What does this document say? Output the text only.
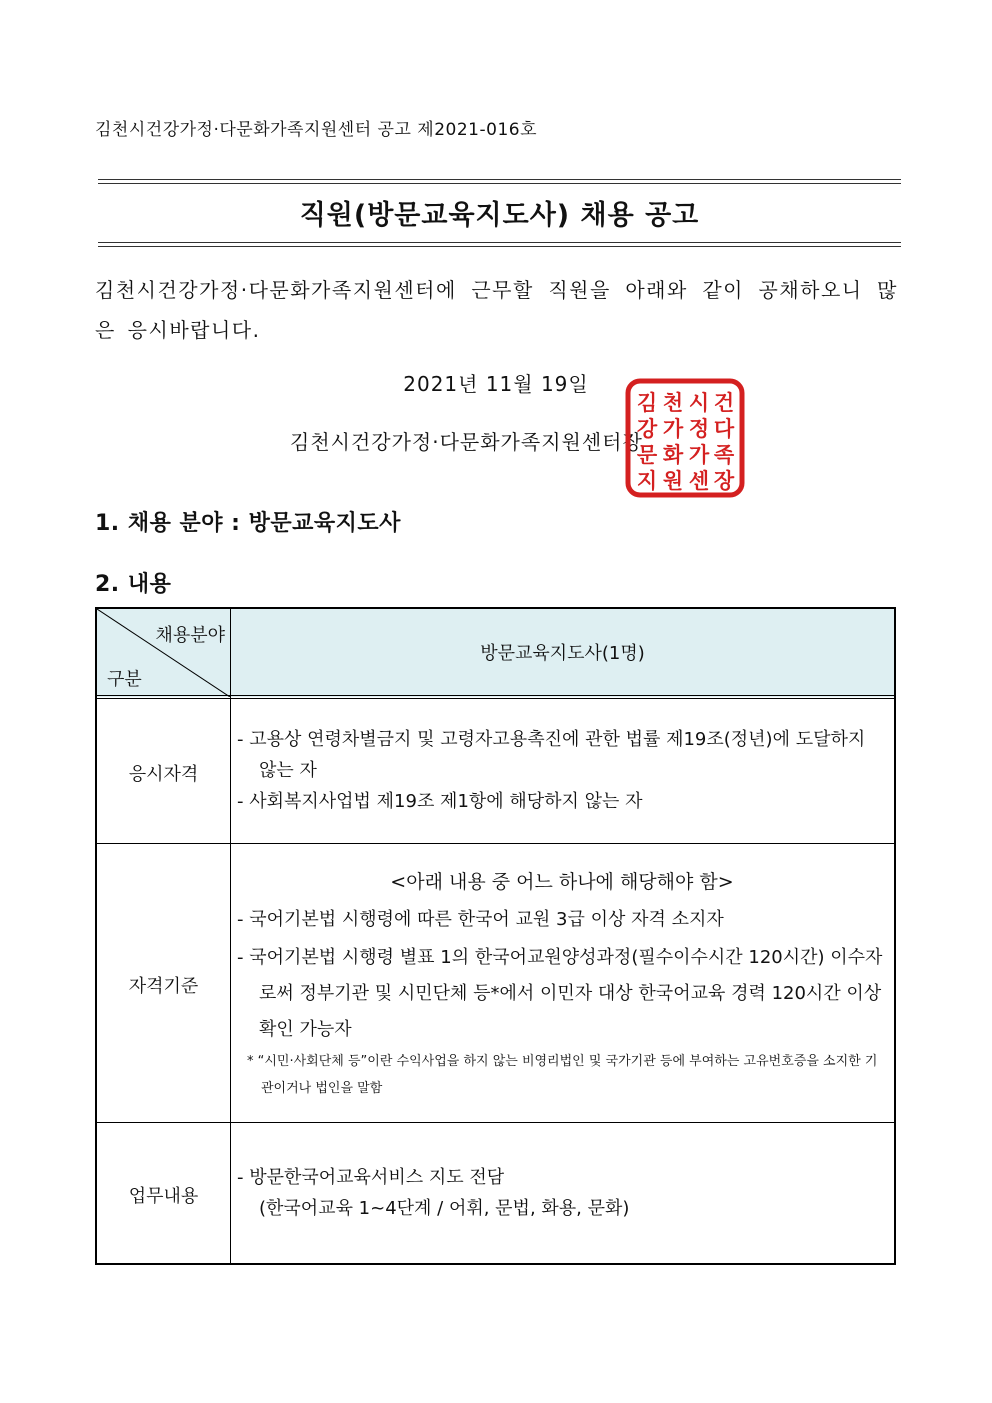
김천시건강가정·다문화가족지원센터 공고 제2021-016호
직원(방문교육지도사) 채용 공고
김천시건강가정·다문화가족지원센터에 근무할 직원을 아래와 같이 공채하오니 많은 응시바랍니다.
2021년 11월 19일
김천시건강가정·다문화가족지원센터장
김 천 시 건
강 가 정 다
문 화 가 족
지 원 센 장
1. 채용 분야 : 방문교육지도사
2. 내용
채용분야
구분
방문교육지도사(1명)
응시자격
- 고용상 연령차별금지 및 고령자고용촉진에 관한 법률 제19조(정년)에 도달하지 않는 자
- 사회복지사업법 제19조 제1항에 해당하지 않는 자
자격기준
<아래 내용 중 어느 하나에 해당해야 함>
- 국어기본법 시행령에 따른 한국어 교원 3급 이상 자격 소지자
- 국어기본법 시행령 별표 1의 한국어교원양성과정(필수이수시간 120시간) 이수자로써 정부기관 및 시민단체 등*에서 이민자 대상 한국어교육 경력 120시간 이상 확인 가능자
* “시민·사회단체 등”이란 수익사업을 하지 않는 비영리법인 및 국가기관 등에 부여하는 고유번호증을 소지한 기관이거나 법인을 말함
업무내용
- 방문한국어교육서비스 지도 전담
(한국어교육 1~4단계 / 어휘, 문법, 화용, 문화)
